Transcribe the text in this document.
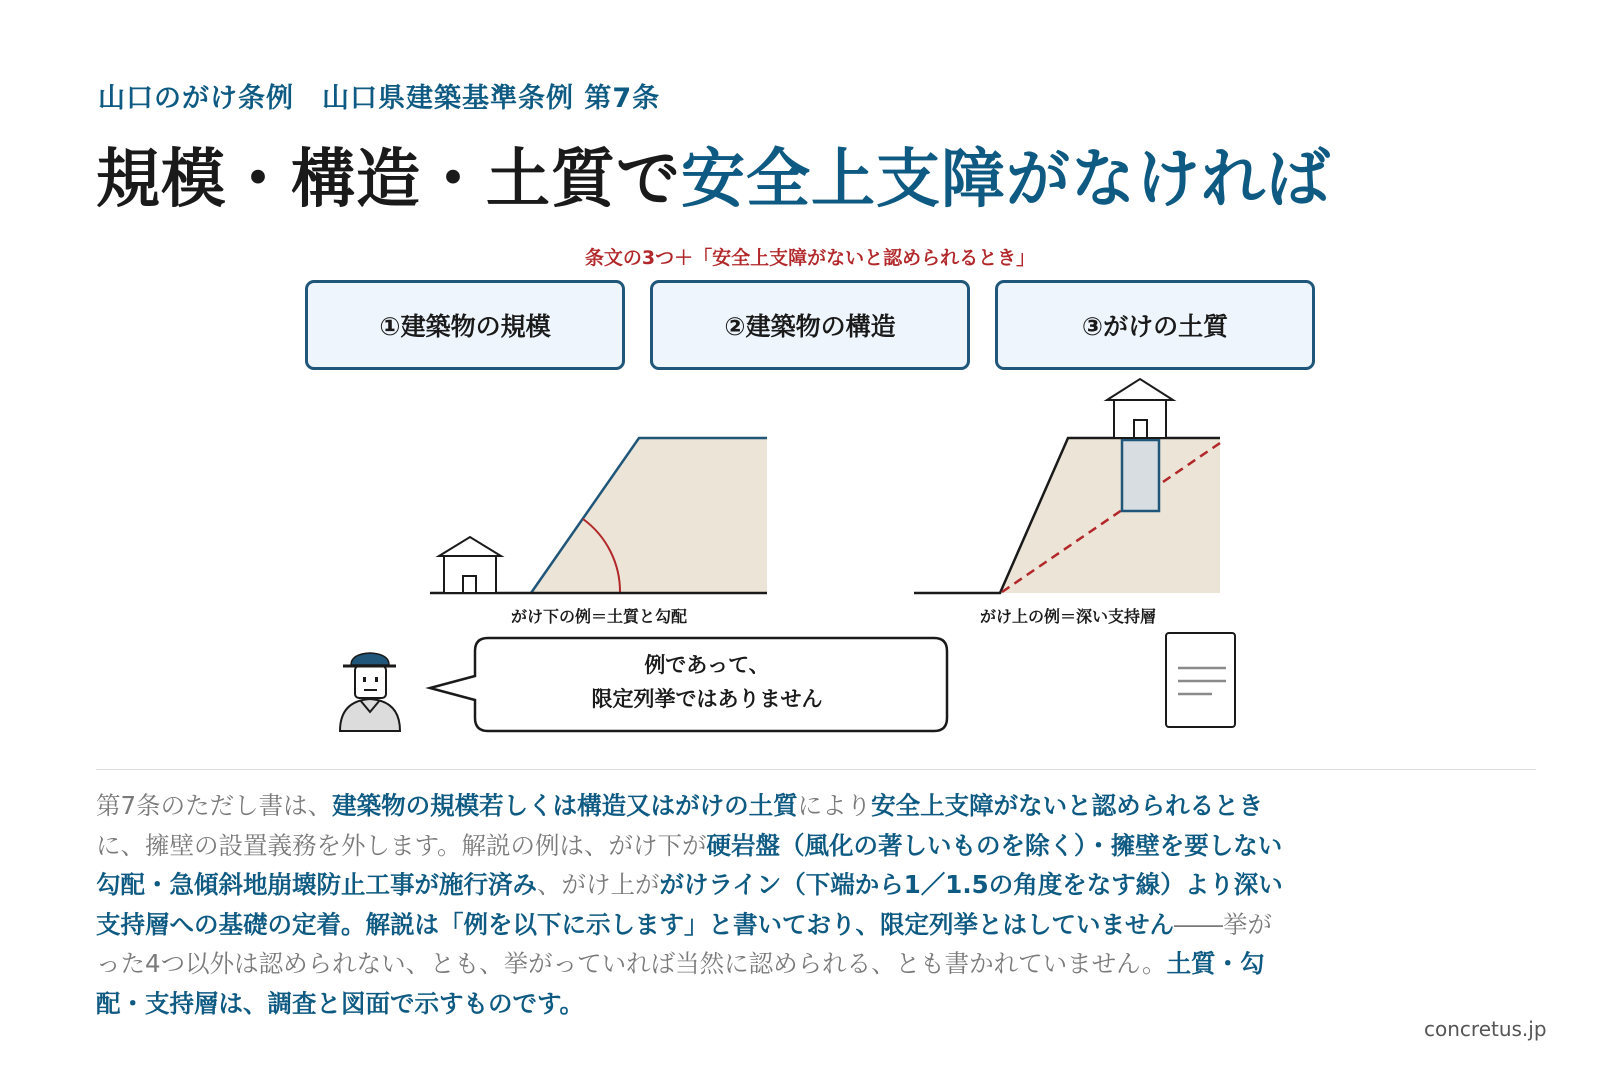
山口のがけ条例　山口県建築基準条例 第7条
規模・構造・土質で安全上支障がなければ
条文の3つ＋「安全上支障がないと認められるとき」
①建築物の規模	②建築物の構造	③がけの土質
がけ下の例＝土質と勾配	がけ上の例＝深い支持層
例であって、
限定列挙ではありません
第7条のただし書は、建築物の規模若しくは構造又はがけの土質により安全上支障がないと認められるときに、擁壁の設置義務を外します。解説の例は、がけ下が硬岩盤（風化の著しいものを除く）・擁壁を要しない勾配・急傾斜地崩壊防止工事が施行済み、がけ上ががけライン（下端から1／1.5の角度をなす線）より深い支持層への基礎の定着。解説は「例を以下に示します」と書いており、限定列挙とはしていません――挙がった4つ以外は認められない、とも、挙がっていれば当然に認められる、とも書かれていません。土質・勾配・支持層は、調査と図面で示すものです。
concretus.jp
